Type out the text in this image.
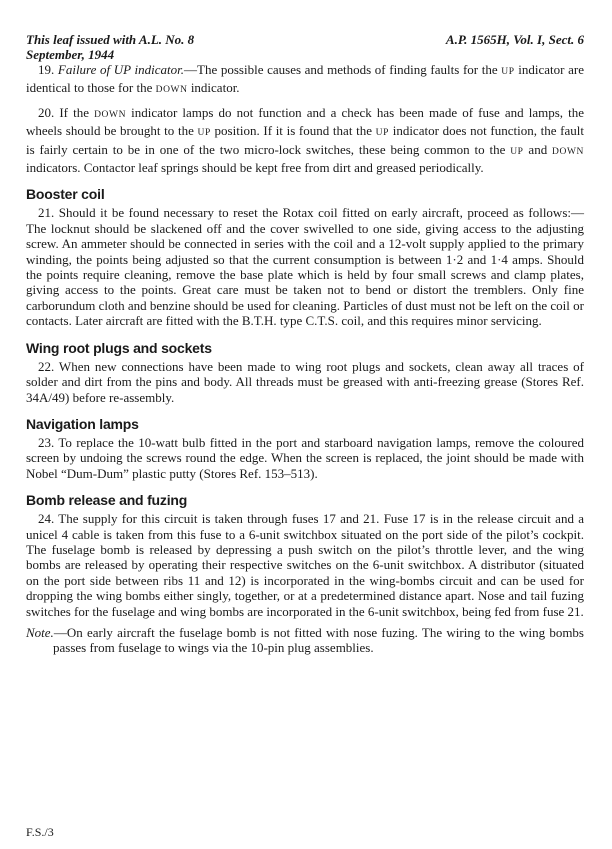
This leaf issued with A.L. No. 8
September, 1944
A.P. 1565H, Vol. I, Sect. 6

19. Failure of UP indicator.—The possible causes and methods of finding faults for the UP indicator are identical to those for the DOWN indicator.

20. If the DOWN indicator lamps do not function and a check has been made of fuse and lamps, the wheels should be brought to the UP position. If it is found that the UP indicator does not function, the fault is fairly certain to be in one of the two micro-lock switches, these being common to the UP and DOWN indicators. Contactor leaf springs should be kept free from dirt and greased periodically.

Booster coil

21. Should it be found necessary to reset the Rotax coil fitted on early aircraft, proceed as follows:— The locknut should be slackened off and the cover swivelled to one side, giving access to the adjusting screw. An ammeter should be connected in series with the coil and a 12-volt supply applied to the primary winding, the points being adjusted so that the current consumption is between 1·2 and 1·4 amps. Should the points require cleaning, remove the base plate which is held by four small screws and clamp plates, giving access to the points. Great care must be taken not to bend or distort the tremblers. Only fine carborundum cloth and benzine should be used for cleaning. Particles of dust must not be left on the coil or contacts. Later aircraft are fitted with the B.T.H. type C.T.S. coil, and this requires minor servicing.

Wing root plugs and sockets

22. When new connections have been made to wing root plugs and sockets, clean away all traces of solder and dirt from the pins and body. All threads must be greased with anti-freezing grease (Stores Ref. 34A/49) before re-assembly.

Navigation lamps

23. To replace the 10-watt bulb fitted in the port and starboard navigation lamps, remove the coloured screen by undoing the screws round the edge. When the screen is replaced, the joint should be made with Nobel “Dum-Dum” plastic putty (Stores Ref. 153–513).

Bomb release and fuzing

24. The supply for this circuit is taken through fuses 17 and 21. Fuse 17 is in the release circuit and a unicel 4 cable is taken from this fuse to a 6-unit switchbox situated on the port side of the pilot’s cockpit. The fuselage bomb is released by depressing a push switch on the pilot’s throttle lever, and the wing bombs are released by operating their respective switches on the 6-unit switchbox. A distributor (situated on the port side between ribs 11 and 12) is incorporated in the wing-bombs circuit and can be used for dropping the wing bombs either singly, together, or at a predetermined distance apart. Nose and tail fuzing switches for the fuselage and wing bombs are incorporated in the 6-unit switchbox, being fed from fuse 21.

Note.—On early aircraft the fuselage bomb is not fitted with nose fuzing. The wiring to the wing bombs passes from fuselage to wings via the 10-pin plug assemblies.

F.S./3
